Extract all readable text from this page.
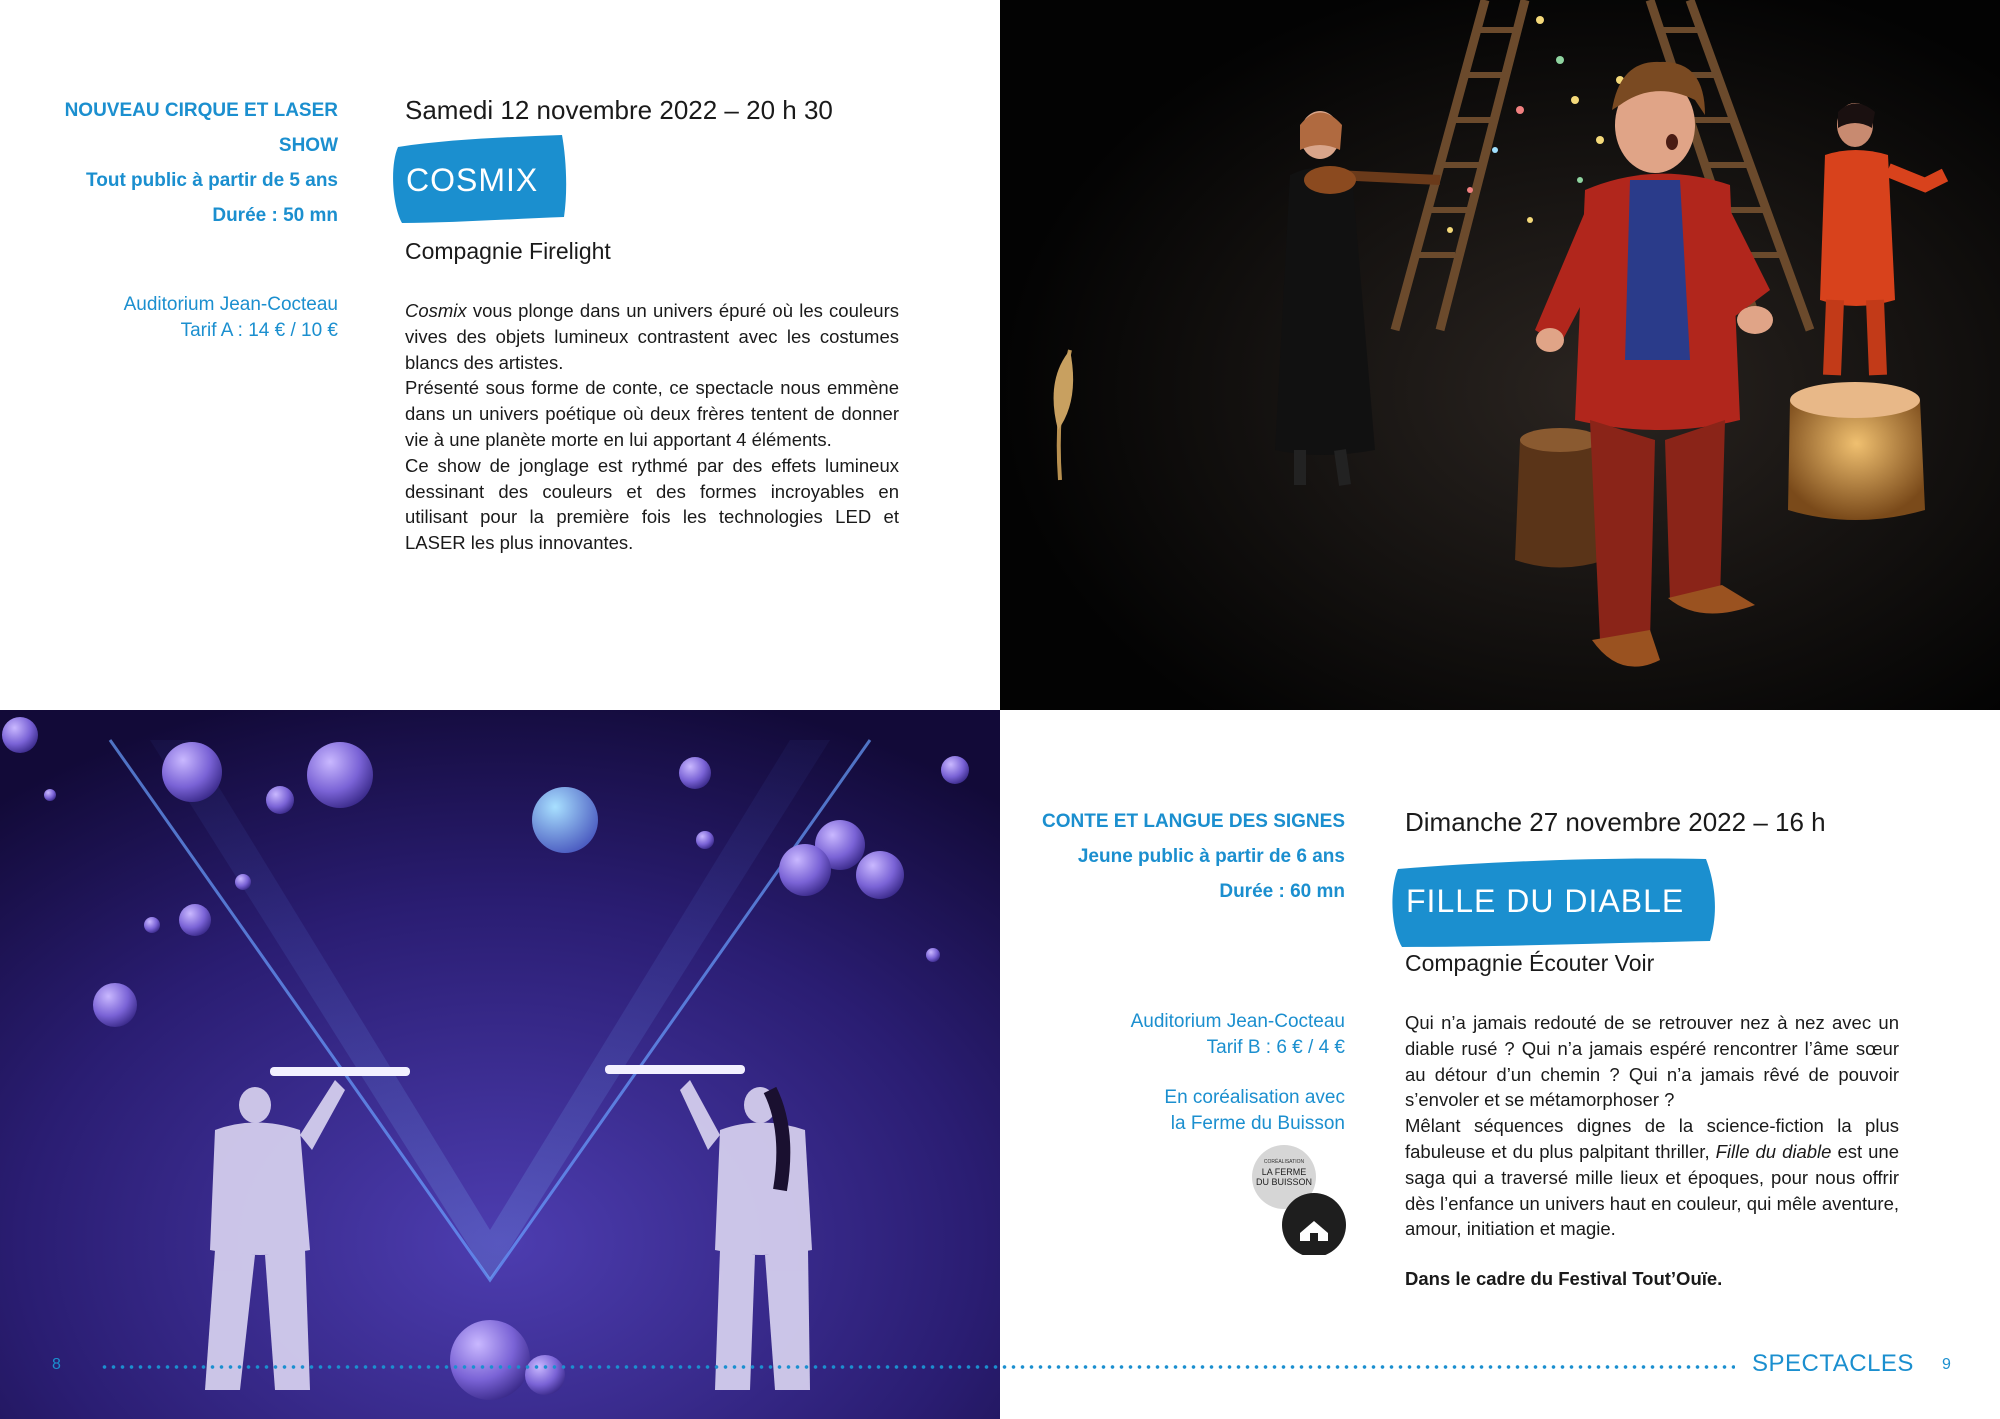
NOUVEAU CIRQUE ET LASER SHOW
Tout public à partir de 5 ans
Durée : 50 mn
Auditorium Jean-Cocteau
Tarif A : 14 € / 10 €
Samedi 12 novembre 2022 – 20 h 30
COSMIX
Compagnie Firelight

Cosmix vous plonge dans un univers épuré où les couleurs vives des objets lumineux contrastent avec les costumes blancs des artistes.

Présenté sous forme de conte, ce spectacle nous emmène dans un univers poétique où deux frères tentent de donner vie à une planète morte en lui apportant 4 éléments.

Ce show de jonglage est rythmé par des effets lumineux dessinant des couleurs et des formes incroyables en utilisant pour la première fois les technologies LED et LASER les plus innovantes.

CONTE ET LANGUE DES SIGNES
Jeune public à partir de 6 ans
Durée : 60 mn
Auditorium Jean-Cocteau
Tarif B : 6 € / 4 €
En coréalisation avec
la Ferme du Buisson
CORÉALISATION
LA FERME
DU BUISSON
Dimanche 27 novembre 2022 – 16 h
FILLE DU DIABLE
Compagnie Écouter Voir

Qui n’a jamais redouté de se retrouver nez à nez avec un diable rusé ? Qui n’a jamais espéré rencontrer l’âme sœur au détour d’un chemin ? Qui n’a jamais rêvé de pouvoir s’envoler et se métamorphoser ?

Mêlant séquences dignes de la science-fiction la plus fabuleuse et du plus palpitant thriller, Fille du diable est une saga qui a traversé mille lieux et époques, pour nous offrir dès l’enfance un univers haut en couleur, qui mêle aventure, amour, initiation et magie.

Dans le cadre du Festival Tout’Ouïe.

8	SPECTACLES 9
